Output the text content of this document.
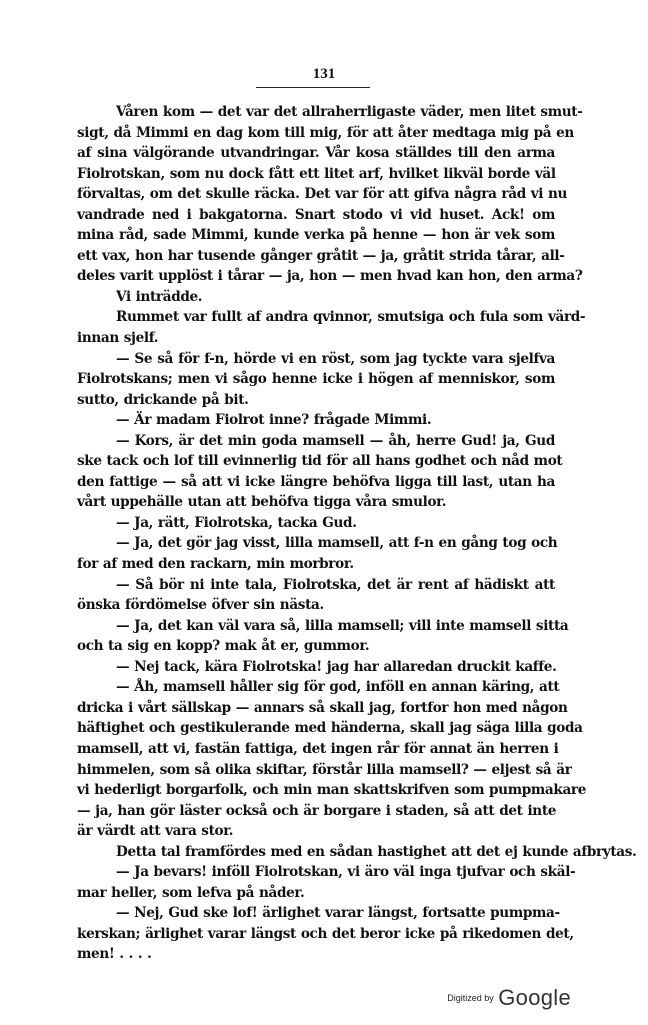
131
Våren kom — det var det allraherrligaste väder, men litet smut-
sigt, då Mimmi en dag kom till mig, för att åter medtaga mig på en
af sina välgörande utvandringar. Vår kosa ställdes till den arma
Fiolrotskan, som nu dock fått ett litet arf, hvilket likväl borde väl
förvaltas, om det skulle räcka. Det var för att gifva några råd vi nu
vandrade ned i bakgatorna. Snart stodo vi vid huset. Ack! om
mina råd, sade Mimmi, kunde verka på henne — hon är vek som
ett vax, hon har tusende gånger gråtit — ja, gråtit strida tårar, all-
deles varit upplöst i tårar — ja, hon — men hvad kan hon, den arma?
Vi inträdde.
Rummet var fullt af andra qvinnor, smutsiga och fula som värd-
innan sjelf.
— Se så för f-n, hörde vi en röst, som jag tyckte vara sjelfva
Fiolrotskans; men vi sågo henne icke i högen af menniskor, som
sutto, drickande på bit.
— Är madam Fiolrot inne? frågade Mimmi.
— Kors, är det min goda mamsell — åh, herre Gud! ja, Gud
ske tack och lof till evinnerlig tid för all hans godhet och nåd mot
den fattige — så att vi icke längre behöfva ligga till last, utan ha
vårt uppehälle utan att behöfva tigga våra smulor.
— Ja, rätt, Fiolrotska, tacka Gud.
— Ja, det gör jag visst, lilla mamsell, att f-n en gång tog och
for af med den rackarn, min morbror.
— Så bör ni inte tala, Fiolrotska, det är rent af hädiskt att
önska fördömelse öfver sin nästa.
— Ja, det kan väl vara så, lilla mamsell; vill inte mamsell sitta
och ta sig en kopp? mak åt er, gummor.
— Nej tack, kära Fiolrotska! jag har allaredan druckit kaffe.
— Åh, mamsell håller sig för god, inföll en annan käring, att
dricka i vårt sällskap — annars så skall jag, fortfor hon med någon
häftighet och gestikulerande med händerna, skall jag säga lilla goda
mamsell, att vi, fastän fattiga, det ingen rår för annat än herren i
himmelen, som så olika skiftar, förstår lilla mamsell? — eljest så är
vi hederligt borgarfolk, och min man skattskrifven som pumpmakare
— ja, han gör läster också och är borgare i staden, så att det inte
är värdt att vara stor.
Detta tal framfördes med en sådan hastighet att det ej kunde afbrytas.
— Ja bevars! inföll Fiolrotskan, vi äro väl inga tjufvar och skäl-
mar heller, som lefva på nåder.
— Nej, Gud ske lof! ärlighet varar längst, fortsatte pumpma-
kerskan; ärlighet varar längst och det beror icke på rikedomen det,
men! . . . .
Digitized by Google
